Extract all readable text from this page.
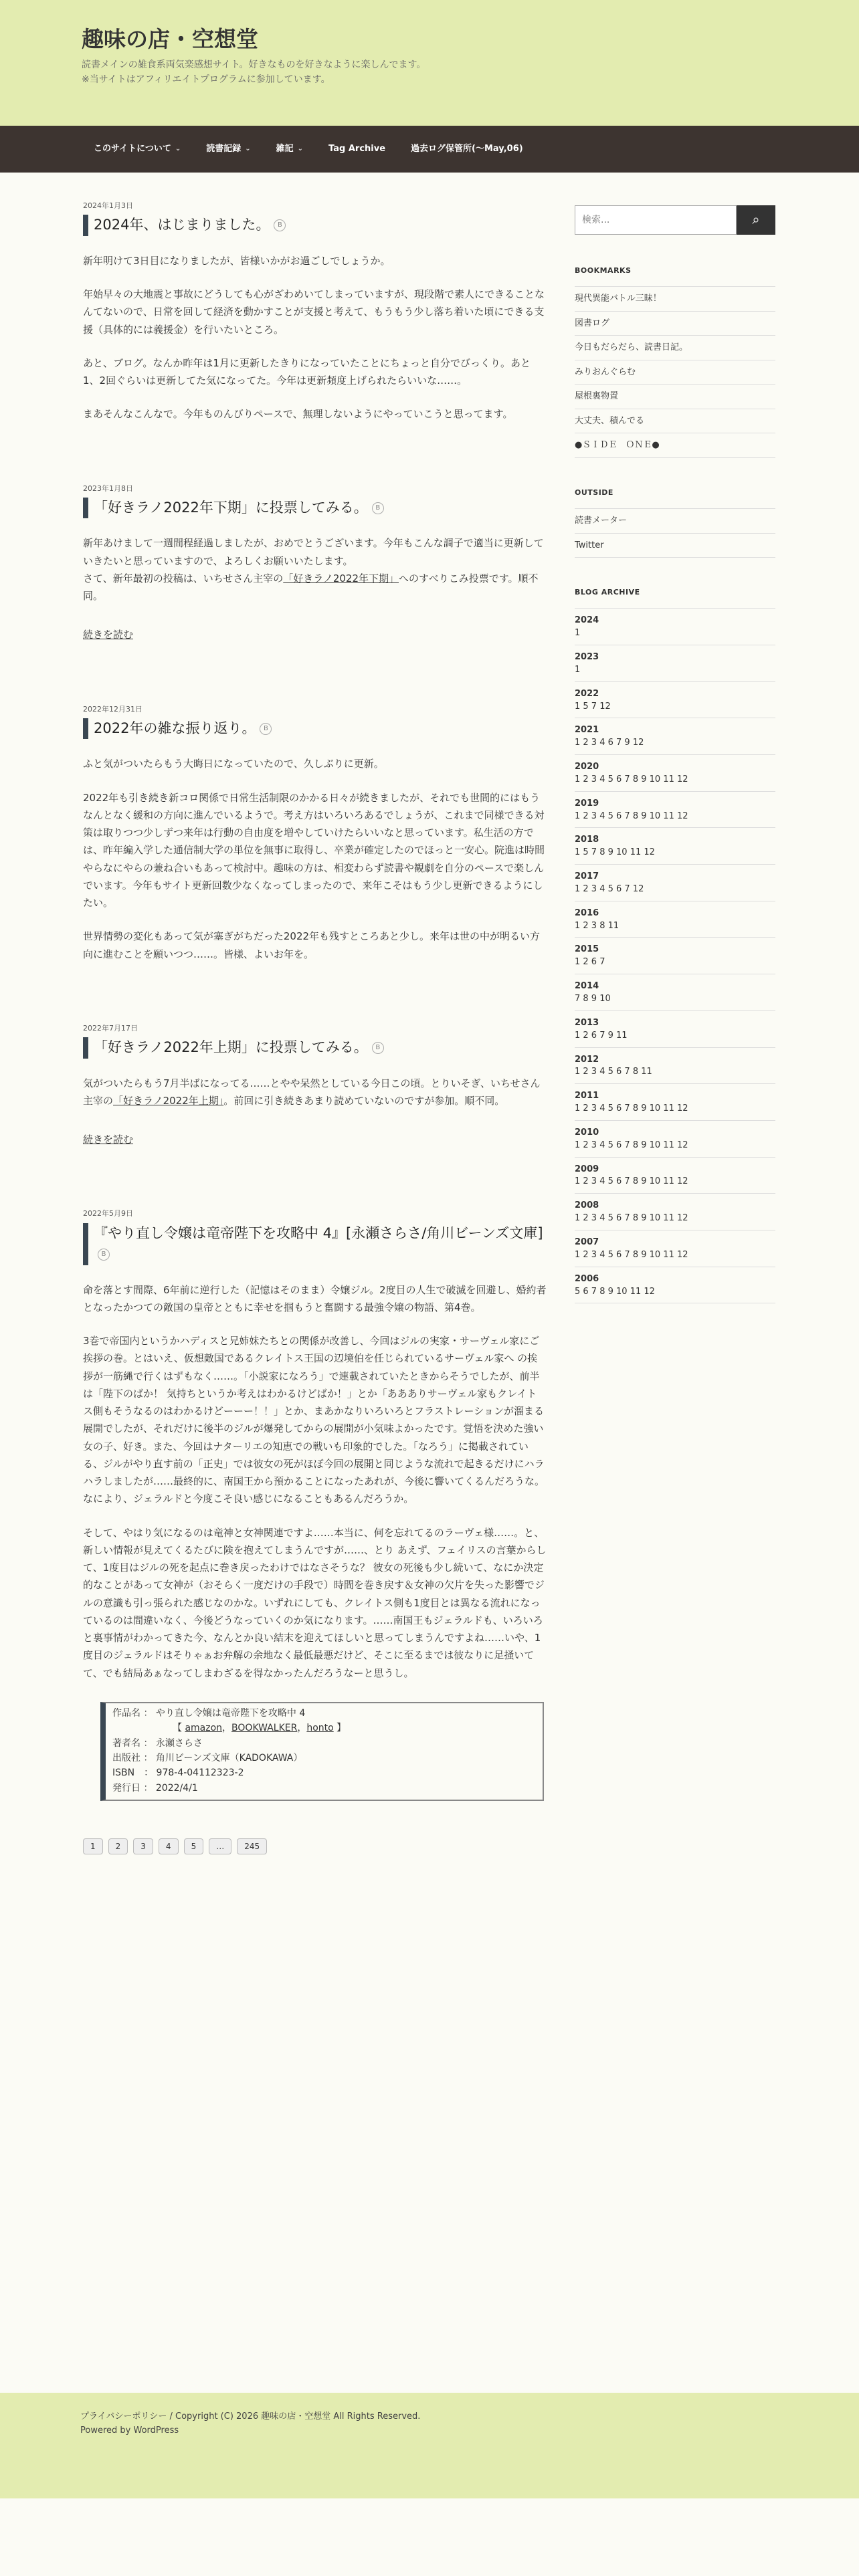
趣味の店・空想堂
読書メインの雑食系両気楽感想サイト。好きなものを好きなように楽しんでます。
※当サイトはアフィリエイトプログラムに参加しています。
このサイトについて ⌄	読書記録 ⌄	雑記 ⌄	Tag Archive	過去ログ保管所(〜May,06)
2024年1月3日
2024年、はじまりました。 B

新年明けて3日目になりましたが、皆様いかがお過ごしでしょうか。

年始早々の大地震と事故にどうしても心がざわめいてしまっていますが、現段階で素人にできることなんてないので、日常を回して経済を動かすことが支援と考えて、もうもう少し落ち着いた頃にできる支援（具体的には義援金）を行いたいところ。

あと、ブログ。なんか昨年は1月に更新したきりになっていたことにちょっと自分でびっくり。あと1、2回ぐらいは更新してた気になってた。今年は更新頻度上げられたらいいな……。

まあそんなこんなで。今年ものんびりペースで、無理しないようにやっていこうと思ってます。

2023年1月8日
「好きラノ2022年下期」に投票してみる。 B

新年あけまして一週間程経過しましたが、おめでとうございます。今年もこんな調子で適当に更新していきたいと思っていますので、よろしくお願いいたします。
さて、新年最初の投稿は、いちせさん主宰の「好きラノ2022年下期」へのすべりこみ投票です。順不同。

続きを読む
2022年12月31日
2022年の雑な振り返り。 B

ふと気がついたらもう大晦日になっていたので、久しぶりに更新。

2022年も引き続き新コロ関係で日常生活制限のかかる日々が続きましたが、それでも世間的にはもうなんとなく緩和の方向に進んでいるようで。考え方はいろいろあるでしょうが、これまで同様できる対策は取りつつ少しずつ来年は行動の自由度を増やしていけたらいいなと思っています。私生活の方では、昨年編入学した通信制大学の単位を無事に取得し、卒業が確定したのでほっと一安心。院進は時間やらなにやらの兼ね合いもあって検討中。趣味の方は、相変わらず読書や観劇を自分のペースで楽しんでいます。今年もサイト更新回数少なくなってしまったので、来年こそはもう少し更新できるようにしたい。

世界情勢の変化もあって気が塞ぎがちだった2022年も残すところあと少し。来年は世の中が明るい方向に進むことを願いつつ……。皆様、よいお年を。

2022年7月17日
「好きラノ2022年上期」に投票してみる。 B

気がついたらもう7月半ばになってる……とやや呆然としている今日この頃。とりいそぎ、いちせさん主宰の「好きラノ2022年上期」。前回に引き続きあまり読めていないのですが参加。順不同。

続きを読む
2022年5月9日
『やり直し令嬢は竜帝陛下を攻略中 4』[永瀬さらさ/角川ビーンズ文庫]B

命を落とす間際、6年前に逆行した（記憶はそのまま）令嬢ジル。2度目の人生で破滅を回避し、婚約者となったかつての敵国の皇帝とともに幸せを掴もうと奮闘する最強令嬢の物語、第4巻。

3巻で帝国内というかハディスと兄姉妹たちとの関係が改善し、今回はジルの実家・サーヴェル家にご挨拶の巻。とはいえ、仮想敵国であるクレイトス王国の辺境伯を任じられているサーヴェル家へ の挨拶が一筋縄で行くはずもなく……。「小説家になろう」で連載されていたときからそうでしたが、前半は「陛下のばか！ 気持ちというか考えはわかるけどばか！」とか「ああありサーヴェル家もクレイトス側もそうなるのはわかるけどーーー！！」とか、まあかなりいろいろとフラストレーションが溜まる展開でしたが、それだけに後半のジルが爆発してからの展開が小気味よかったです。覚悟を決めた強い女の子、好き。また、今回はナターリエの知恵での戦いも印象的でした。「なろう」に掲載されている、ジルがやり直す前の「正史」では彼女の死がほぼ今回の展開と同じような流れで起きるだけにハラハラしましたが……最終的に、南国王から預かることになったあれが、今後に響いてくるんだろうな。なにより、ジェラルドと今度こそ良い感じになることもあるんだろうか。

そして、やはり気になるのは竜神と女神関連ですよ……本当に、何を忘れてるのラーヴェ様……。と、新しい情報が見えてくるたびに険を抱えてしまうんですが……、とり あえず、フェイリスの言葉からして、1度目はジルの死を起点に巻き戻ったわけではなさそうな？ 彼女の死後も少し続いて、なにか決定的なことがあって女神が（おそらく一度だけの手段で）時間を巻き戻す＆女神の欠片を失った影響でジルの意識も引っ張られた感じなのかな。いずれにしても、クレイトス側も1度目とは異なる流れになっているのは間違いなく、今後どうなっていくのか気になります。……南国王もジェラルドも、いろいろと裏事情がわかってきた今、なんとか良い結末を迎えてほしいと思ってしまうんですよね……いや、1度目のジェラルドはそりゃぁお弁解の余地なく最低最悪だけど、そこに至るまでは彼なりに足掻いてて、でも結局あぁなってしまわざるを得なかったんだろうなーと思うし。

作品名 ： やり直し令嬢は竜帝陛下を攻略中 4
【 amazon，BOOKWALKER，honto 】
著者名 ： 永瀬さらさ
出版社 ： 角川ビーンズ文庫（KADOKAWA）
ISBN　： 978-4-04112323-2
発行日 ： 2022/4/1
1	2	3	4	5	…	245
検索...
⌕
BOOKMARKS
現代異能バトル三昧！
図書ログ
今日もだらだら、読書日記。
みりおんぐらむ
屋根裏物置
大丈夫、積んでる
●ＳＩＤＥ　ＯＮＥ●
OUTSIDE
読書メーター
Twitter
BLOG ARCHIVE
2024
1
2023
1
2022
1 5 7 12
2021
1 2 3 4 6 7 9 12
2020
1 2 3 4 5 6 7 8 9 10 11 12
2019
1 2 3 4 5 6 7 8 9 10 11 12
2018
1 5 7 8 9 10 11 12
2017
1 2 3 4 5 6 7 12
2016
1 2 3 8 11
2015
1 2 6 7
2014
7 8 9 10
2013
1 2 6 7 9 11
2012
1 2 3 4 5 6 7 8 11
2011
1 2 3 4 5 6 7 8 9 10 11 12
2010
1 2 3 4 5 6 7 8 9 10 11 12
2009
1 2 3 4 5 6 7 8 9 10 11 12
2008
1 2 3 4 5 6 7 8 9 10 11 12
2007
1 2 3 4 5 6 7 8 9 10 11 12
2006
5 6 7 8 9 10 11 12
プライバシーポリシー / Copyright (C) 2026 趣味の店・空想堂 All Rights Reserved.
Powered by WordPress
